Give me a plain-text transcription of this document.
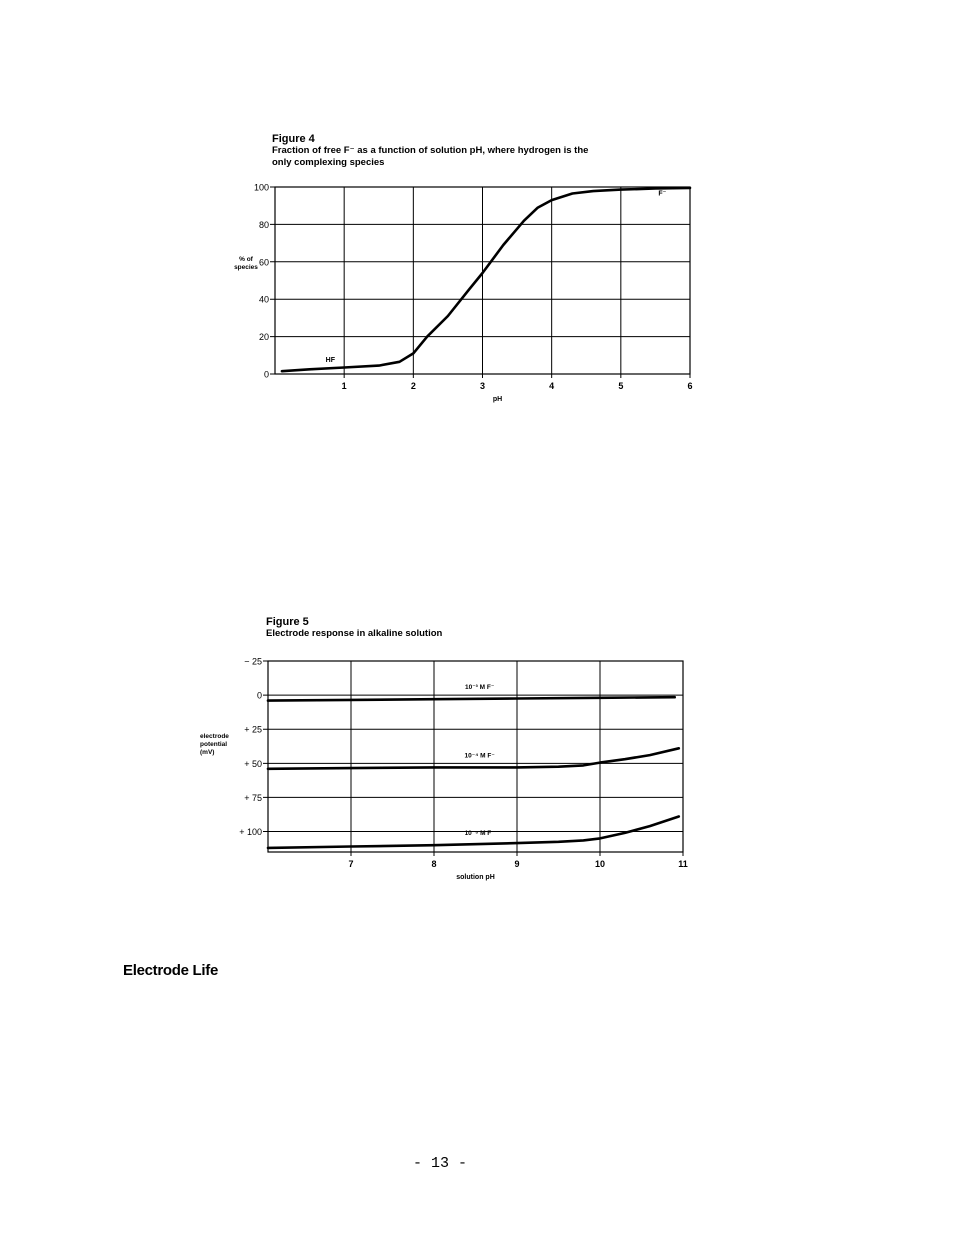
Figure 4
Fraction of free F⁻ as a function of solution pH, where hydrogen is the
only complexing species
1	2	3	4	5	6
0
20
40
60
80
100
pH
% of
species
HF
F⁻
Figure 5
Electrode response in alkaline solution
7	8	9	10	11
− 25
0
+ 25
+ 50
+ 75
+ 100
solution pH
electrode
potential
(mV)
10⁻³ M F⁻
10⁻⁴ M F⁻
10⁻⁵ M F⁻
Electrode Life
- 13 -
